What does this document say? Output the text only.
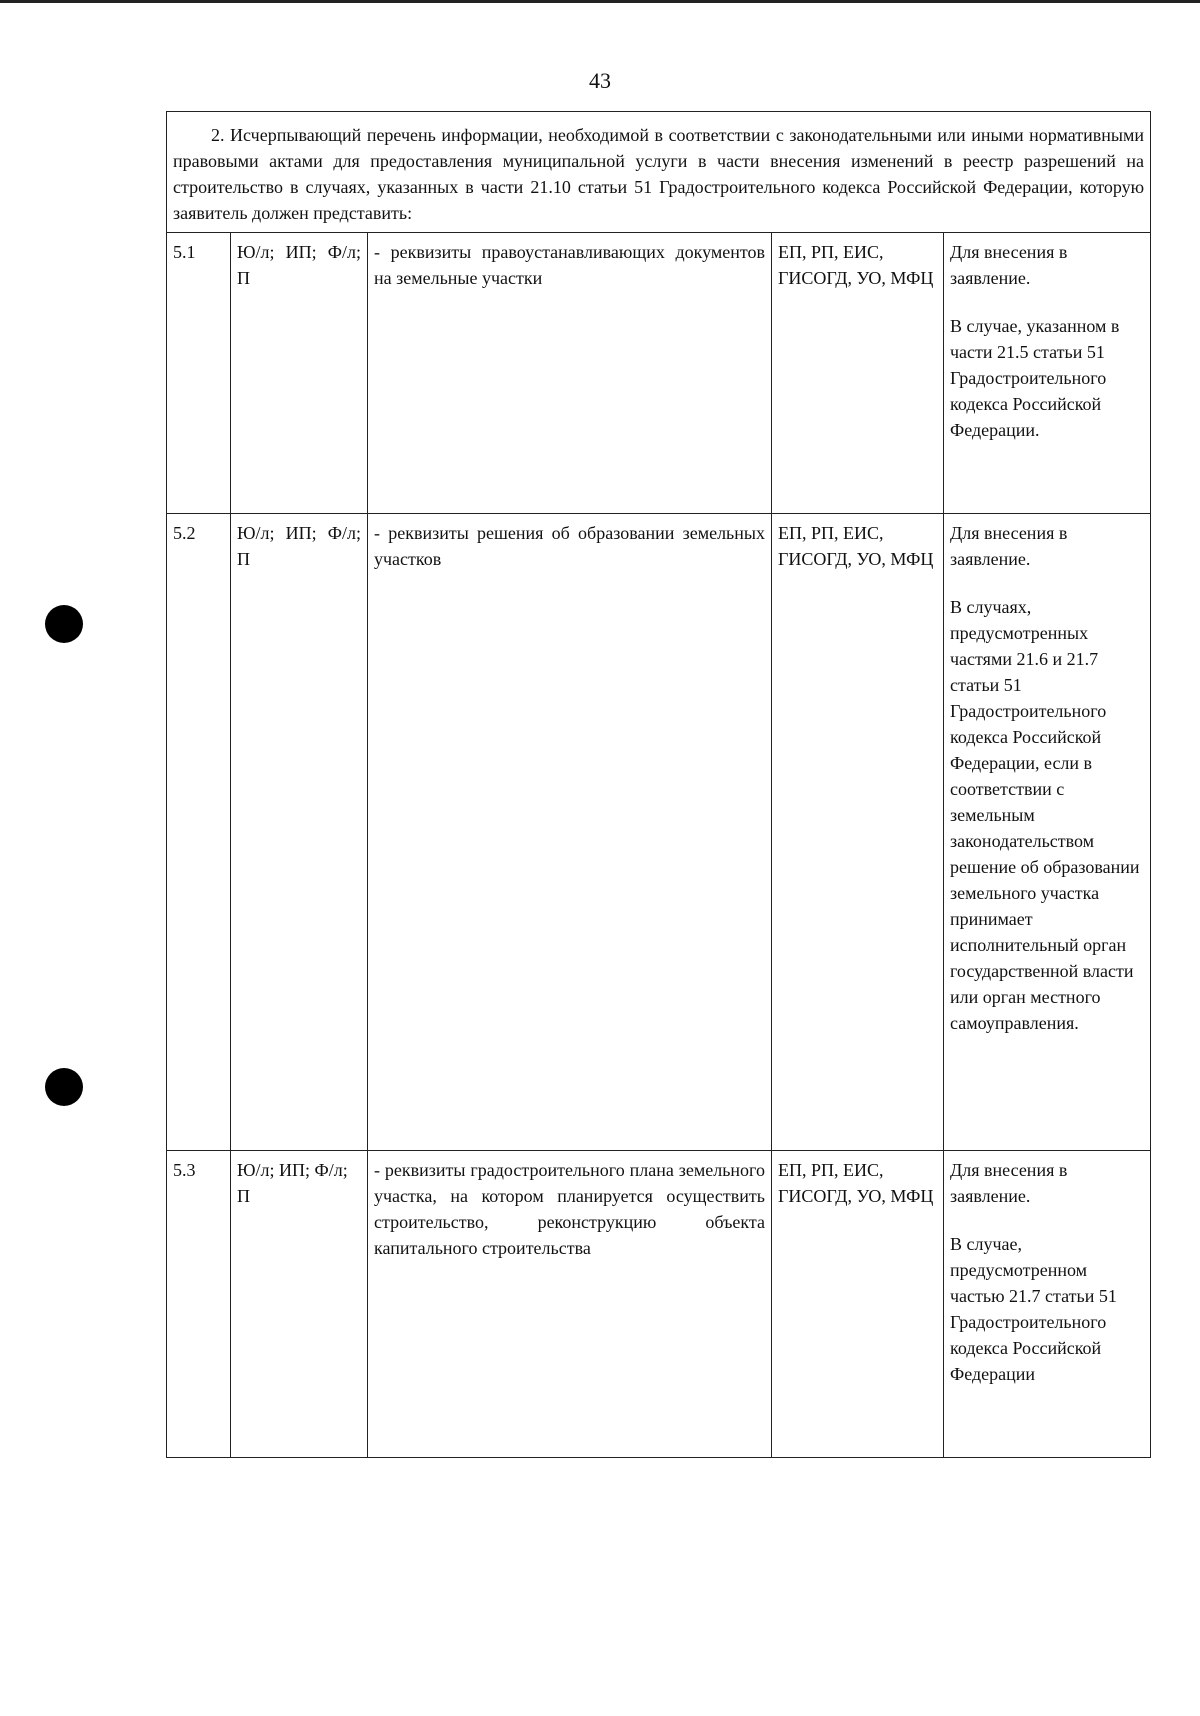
43
2. Исчерпывающий перечень информации, необходимой в соответствии с законодательными или иными нормативными правовыми актами для предоставления муниципальной услуги в части внесения изменений в реестр разрешений на строительство в случаях, указанных в части 21.10 статьи 51 Градостроительного кодекса Российской Федерации, которую заявитель должен представить:				
5.1	Ю/л; ИП; Ф/л; П	- реквизиты правоустанавливающих документов на земельные участки	ЕП, РП, ЕИС, ГИСОГД, УО, МФЦ	Для внесения в заявление.

В случае, указанном в части 21.5 статьи 51 Градостроительного кодекса Российской Федерации.

5.2	Ю/л; ИП; Ф/л; П	- реквизиты решения об образовании земельных участков	ЕП, РП, ЕИС, ГИСОГД, УО, МФЦ	Для внесения в заявление.

В случаях, предусмотренных частями 21.6 и 21.7 статьи 51 Градостроительного кодекса Российской Федерации, если в соответствии с земельным законодательством решение об образовании земельного участка принимает исполнительный орган государственной власти или орган местного самоуправления.

5.3	Ю/л; ИП; Ф/л; П	- реквизиты градостроительного плана земельного участка, на котором планируется осуществить строительство, реконструкцию объекта капитального строительства	ЕП, РП, ЕИС, ГИСОГД, УО, МФЦ	Для внесения в заявление.

В случае, предусмотренном частью 21.7 статьи 51 Градостроительного кодекса Российской Федерации
